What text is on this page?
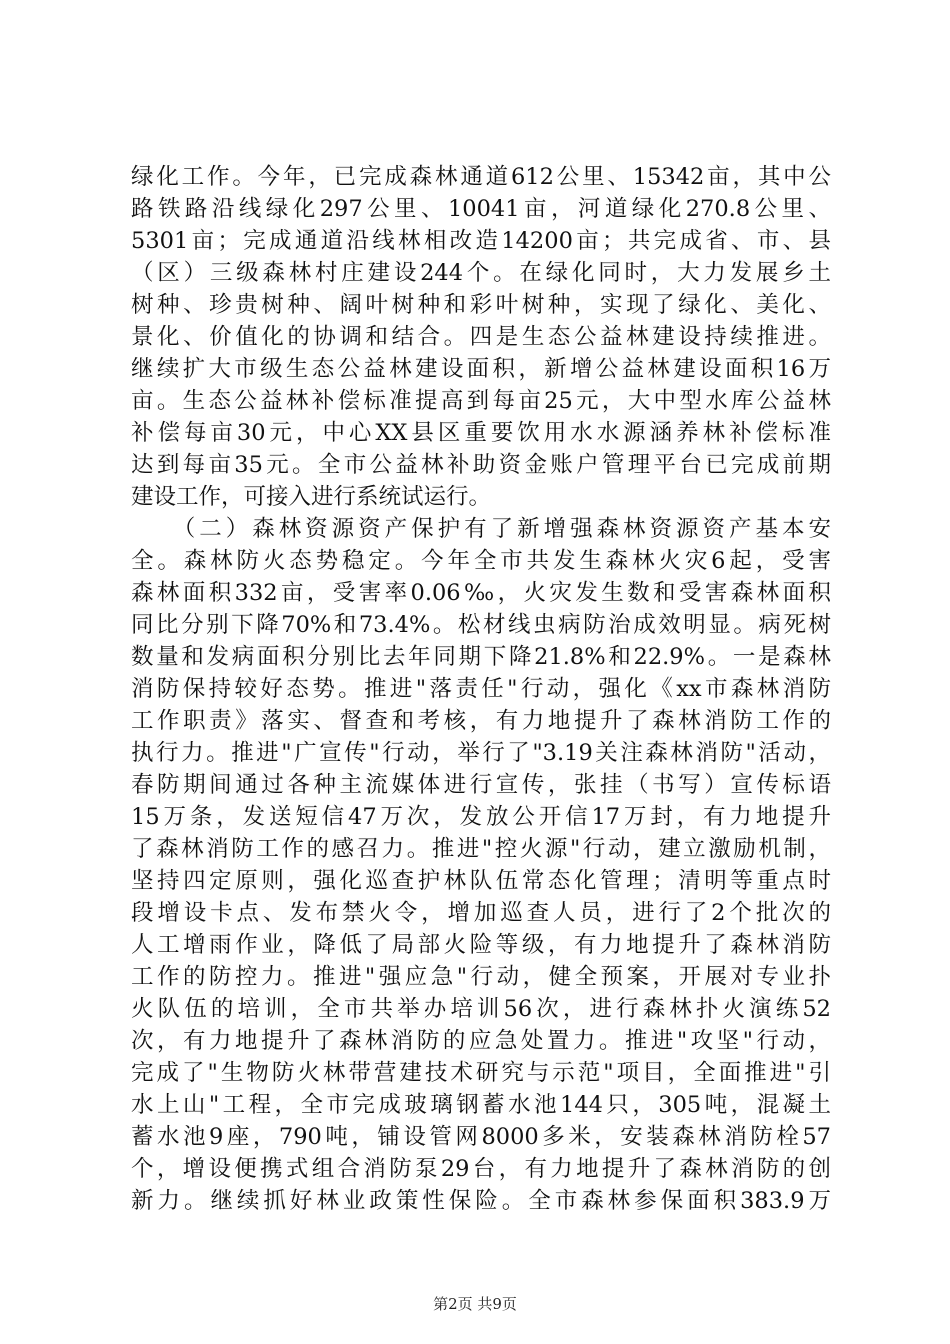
绿化工作。今年，已完成森林通道612公里、15342亩，其中公
路铁路沿线绿化297公里、10041亩，河道绿化270.8公里、
5301亩；完成通道沿线林相改造14200亩；共完成省、市、县
（区）三级森林村庄建设244个。在绿化同时，大力发展乡土
树种、珍贵树种、阔叶树种和彩叶树种，实现了绿化、美化、
景化、价值化的协调和结合。四是生态公益林建设持续推进。
继续扩大市级生态公益林建设面积，新增公益林建设面积16万
亩。生态公益林补偿标准提高到每亩25元，大中型水库公益林
补偿每亩30元，中心XX县区重要饮用水水源涵养林补偿标准
达到每亩35元。全市公益林补助资金账户管理平台已完成前期
建设工作，可接入进行系统试运行。
　　（二）森林资源资产保护有了新增强森林资源资产基本安
全。森林防火态势稳定。今年全市共发生森林火灾6起，受害
森林面积332亩，受害率0.06‰，火灾发生数和受害森林面积
同比分别下降70%和73.4%。松材线虫病防治成效明显。病死树
数量和发病面积分别比去年同期下降21.8%和22.9%。一是森林
消防保持较好态势。推进"落责任"行动，强化《xx市森林消防
工作职责》落实、督查和考核，有力地提升了森林消防工作的
执行力。推进"广宣传"行动，举行了"3.19关注森林消防"活动，
春防期间通过各种主流媒体进行宣传，张挂（书写）宣传标语
15万条，发送短信47万次，发放公开信17万封，有力地提升
了森林消防工作的感召力。推进"控火源"行动，建立激励机制，
坚持四定原则，强化巡查护林队伍常态化管理；清明等重点时
段增设卡点、发布禁火令，增加巡查人员，进行了2个批次的
人工增雨作业，降低了局部火险等级，有力地提升了森林消防
工作的防控力。推进"强应急"行动，健全预案，开展对专业扑
火队伍的培训，全市共举办培训56次，进行森林扑火演练52
次，有力地提升了森林消防的应急处置力。推进"攻坚"行动，
完成了"生物防火林带营建技术研究与示范"项目，全面推进"引
水上山"工程，全市完成玻璃钢蓄水池144只，305吨，混凝土
蓄水池9座，790吨，铺设管网8000多米，安装森林消防栓57
个，增设便携式组合消防泵29台，有力地提升了森林消防的创
新力。继续抓好林业政策性保险。全市森林参保面积383.9万
第2页 共9页
